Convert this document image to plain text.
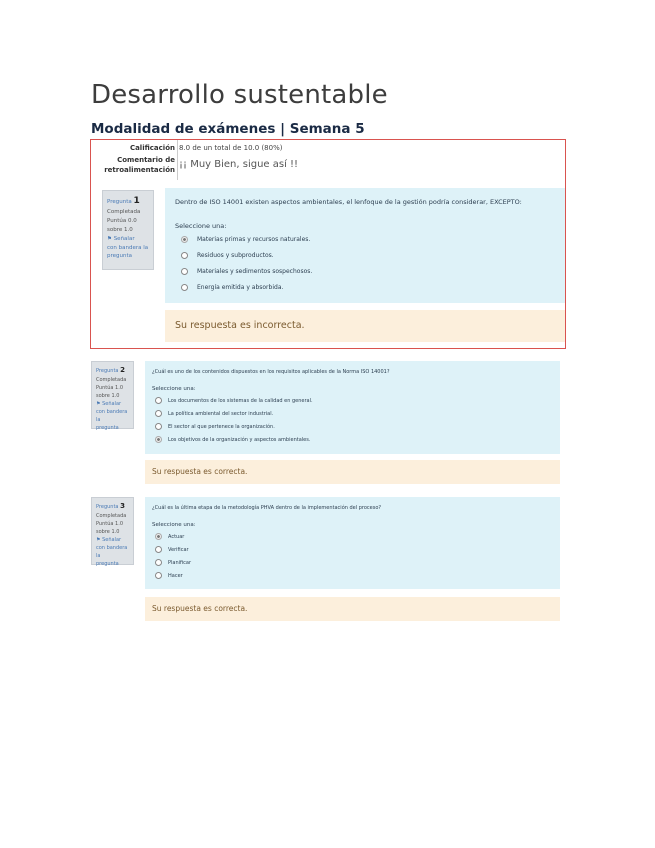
Desarrollo sustentable
Modalidad de exámenes | Semana 5
Calificación 8.0 de un total de 10.0 (80%)
Comentario de
retroalimentación ¡¡ Muy Bien, sigue así !!
Pregunta 1
Completada
Puntúa 0.0
sobre 1.0
⚑ Señalar
con bandera la
pregunta
Dentro de ISO 14001 existen aspectos ambientales, el lenfoque de la gestión podría considerar, EXCEPTO:
Seleccione una:
Materias primas y recursos naturales.
Residuos y subproductos.
Materiales y sedimentos sospechosos.
Energía emitida y absorbida.
Su respuesta es incorrecta.
Pregunta 2
Completada
Puntúa 1.0
sobre 1.0
⚑ Señalar
con bandera la
pregunta
¿Cuál es uno de los contenidos dispuestos en los requisitos aplicables de la Norma ISO 14001?
Seleccione una:
Los documentos de los sistemas de la calidad en general.
La política ambiental del sector industrial.
El sector al que pertenece la organización.
Los objetivos de la organización y aspectos ambientales.
Su respuesta es correcta.
Pregunta 3
Completada
Puntúa 1.0
sobre 1.0
⚑ Señalar
con bandera la
pregunta
¿Cuál es la última etapa de la metodología PHVA dentro de la implementación del proceso?
Seleccione una:
Actuar
Verificar
Planificar
Hacer
Su respuesta es correcta.
